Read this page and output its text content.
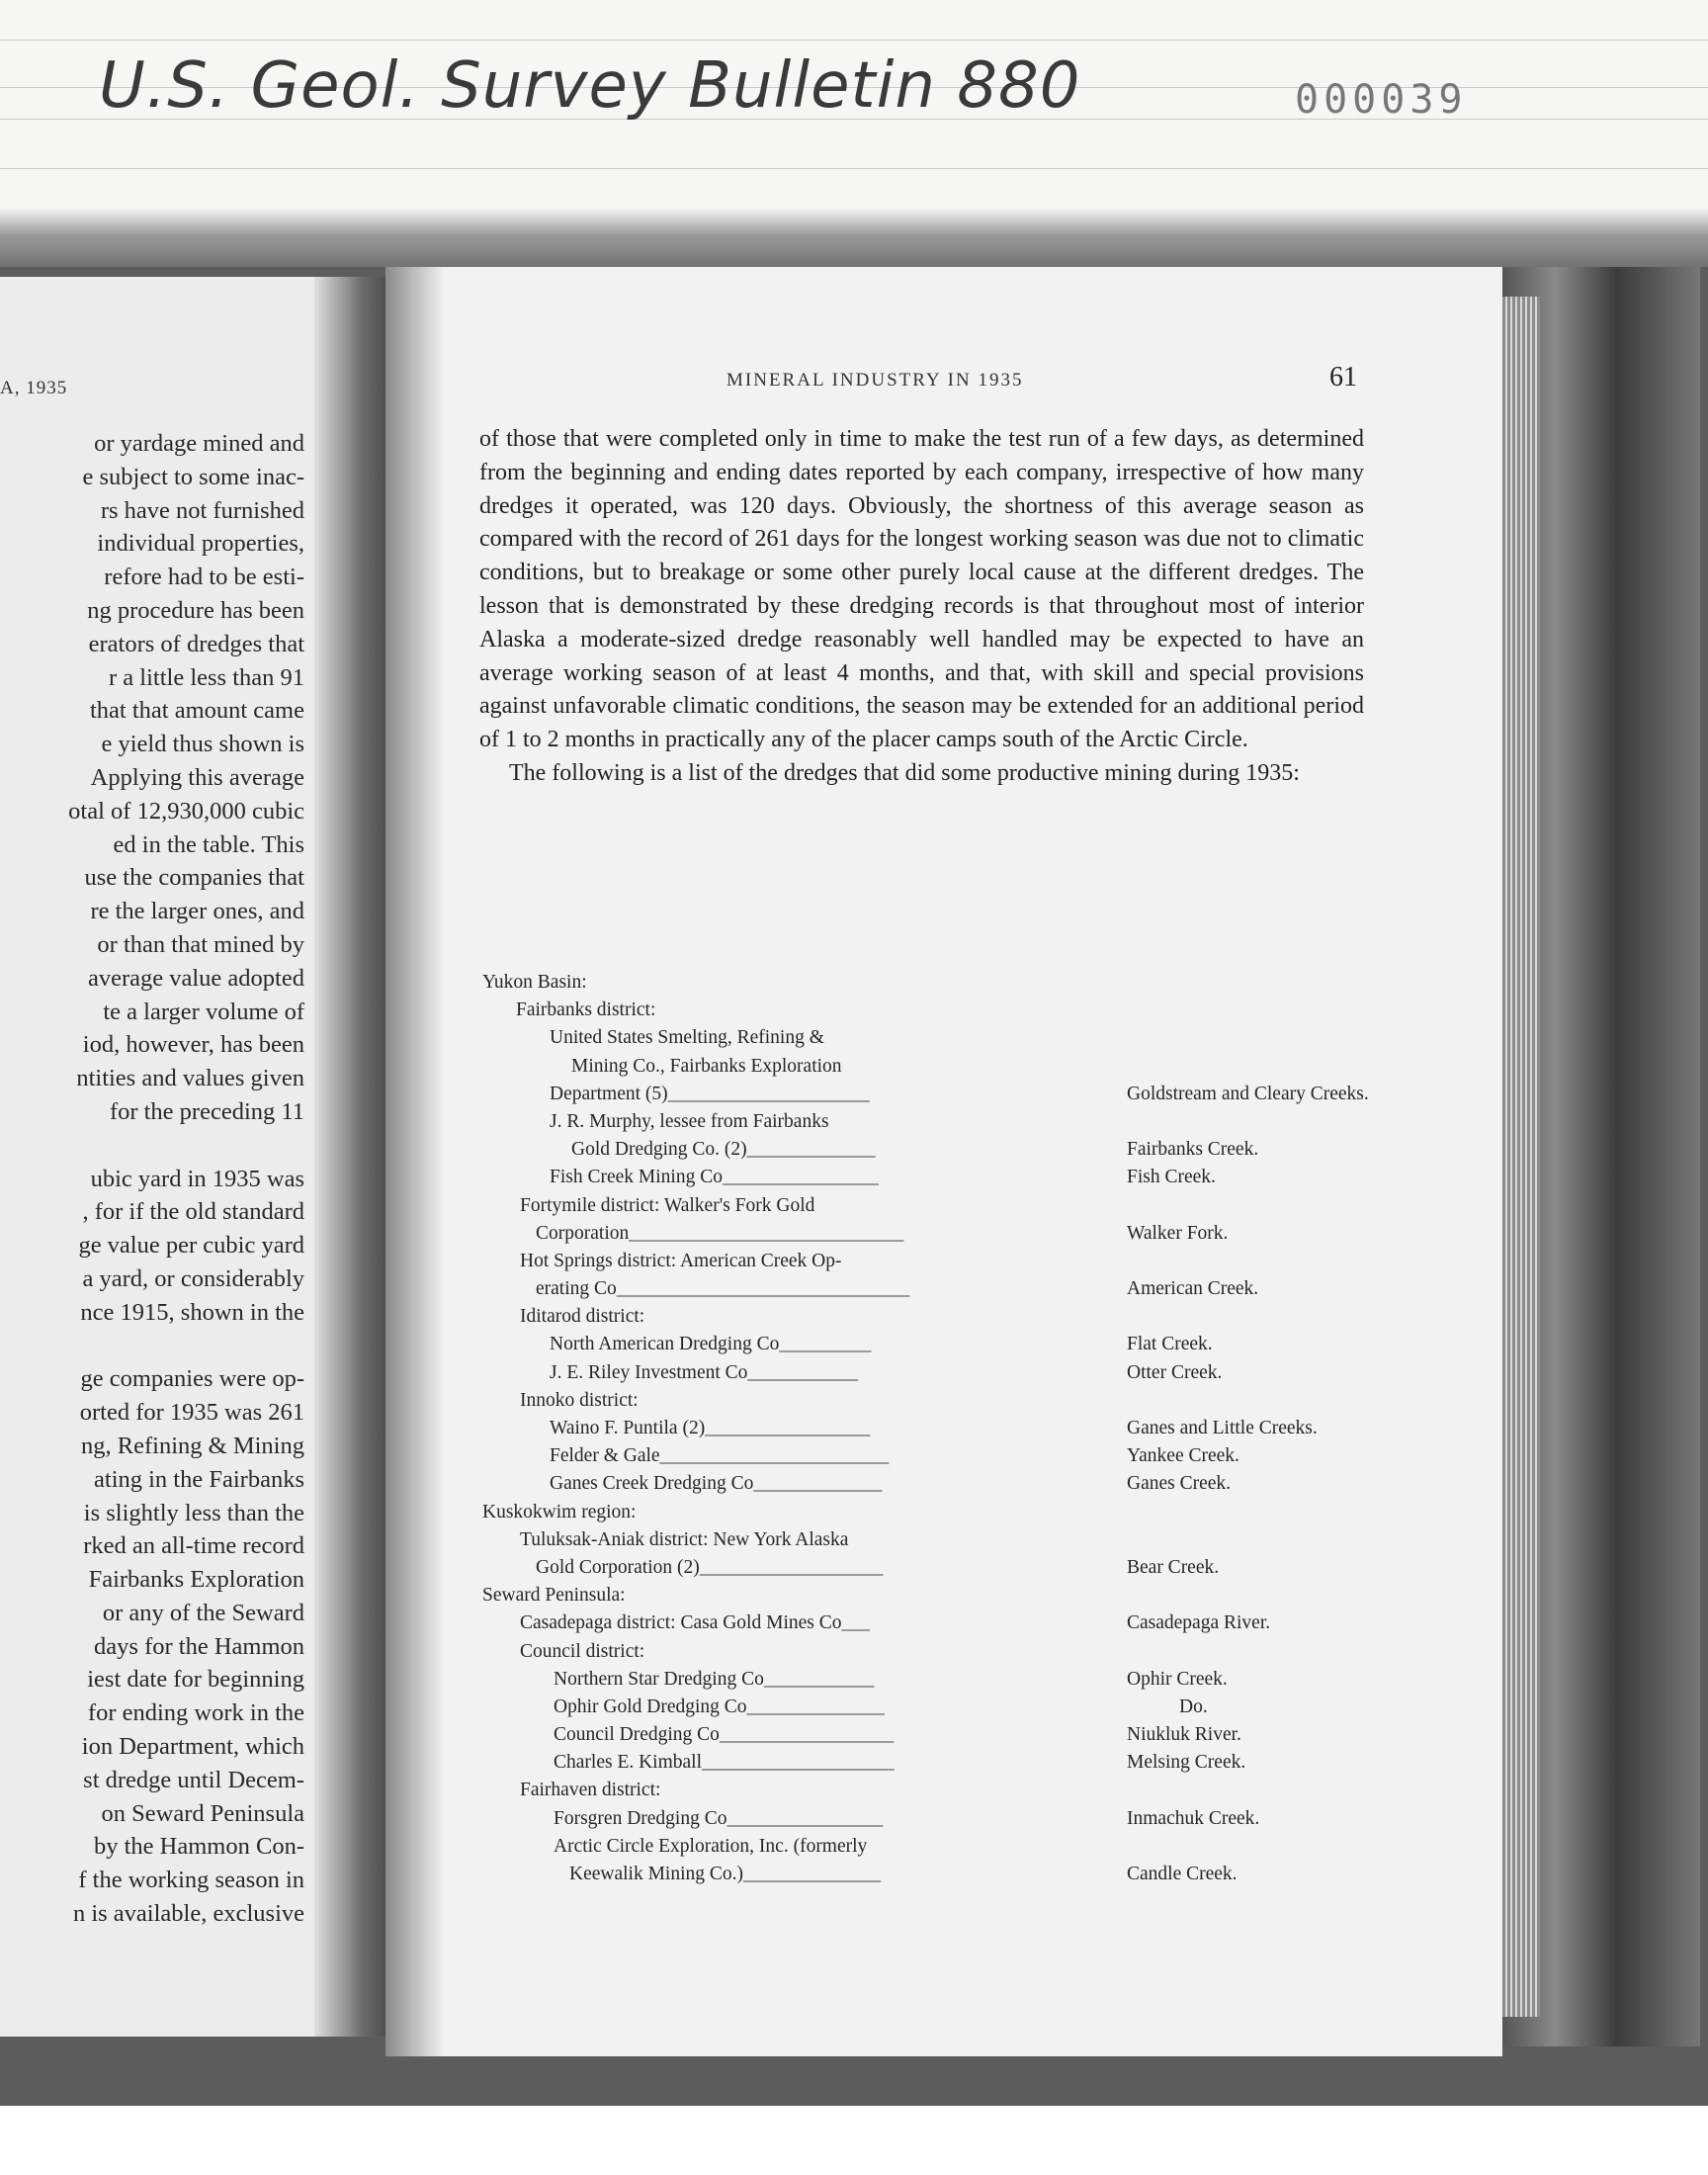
U.S. Geol. Survey Bulletin 880	000039
A, 1935
or yardage mined and
e subject to some inac-
rs have not furnished
individual properties,
refore had to be esti-
ng procedure has been
erators of dredges that
r a little less than 91
that that amount came
e yield thus shown is
Applying this average
otal of 12,930,000 cubic
ed in the table. This
use the companies that
re the larger ones, and
or than that mined by
average value adopted
te a larger volume of
iod, however, has been
ntities and values given
for the preceding 11
ubic yard in 1935 was
, for if the old standard
ge value per cubic yard
a yard, or considerably
nce 1915, shown in the
ge companies were op-
orted for 1935 was 261
ng, Refining & Mining
ating in the Fairbanks
is slightly less than the
rked an all-time record
Fairbanks Exploration
or any of the Seward
days for the Hammon
iest date for beginning
for ending work in the
ion Department, which
st dredge until Decem-
on Seward Peninsula
by the Hammon Con-
f the working season in
n is available, exclusive
MINERAL INDUSTRY IN 1935	61

of those that were completed only in time to make the test run of a few days, as determined from the beginning and ending dates reported by each company, irrespective of how many dredges it operated, was 120 days. Obviously, the shortness of this average season as compared with the record of 261 days for the longest working season was due not to climatic conditions, but to breakage or some other purely local cause at the different dredges. The lesson that is demonstrated by these dredging records is that throughout most of interior Alaska a moderate-sized dredge reasonably well handled may be expected to have an average working season of at least 4 months, and that, with skill and special provisions against unfavorable climatic conditions, the season may be extended for an additional period of 1 to 2 months in practically any of the placer camps south of the Arctic Circle.

The following is a list of the dredges that did some productive mining during 1935:

Yukon Basin:
Fairbanks district:
United States Smelting, Refining &
Mining Co., Fairbanks Exploration
Department (5)______________________	Goldstream and Cleary Creeks.
J. R. Murphy, lessee from Fairbanks
Gold Dredging Co. (2)______________	Fairbanks Creek.
Fish Creek Mining Co_________________	Fish Creek.
Fortymile district: Walker's Fork Gold
Corporation______________________________	Walker Fork.
Hot Springs district: American Creek Op-
erating Co________________________________	American Creek.
Iditarod district:
North American Dredging Co__________	Flat Creek.
J. E. Riley Investment Co____________	Otter Creek.
Innoko district:
Waino F. Puntila (2)__________________	Ganes and Little Creeks.
Felder & Gale_________________________	Yankee Creek.
Ganes Creek Dredging Co______________	Ganes Creek.
Kuskokwim region:
Tuluksak-Aniak district: New York Alaska
Gold Corporation (2)____________________	Bear Creek.
Seward Peninsula:
Casadepaga district: Casa Gold Mines Co___	Casadepaga River.
Council district:
Northern Star Dredging Co____________	Ophir Creek.
Ophir Gold Dredging Co_______________	Do.
Council Dredging Co___________________	Niukluk River.
Charles E. Kimball_____________________	Melsing Creek.
Fairhaven district:
Forsgren Dredging Co_________________	Inmachuk Creek.
Arctic Circle Exploration, Inc. (formerly
Keewalik Mining Co.)_______________	Candle Creek.
